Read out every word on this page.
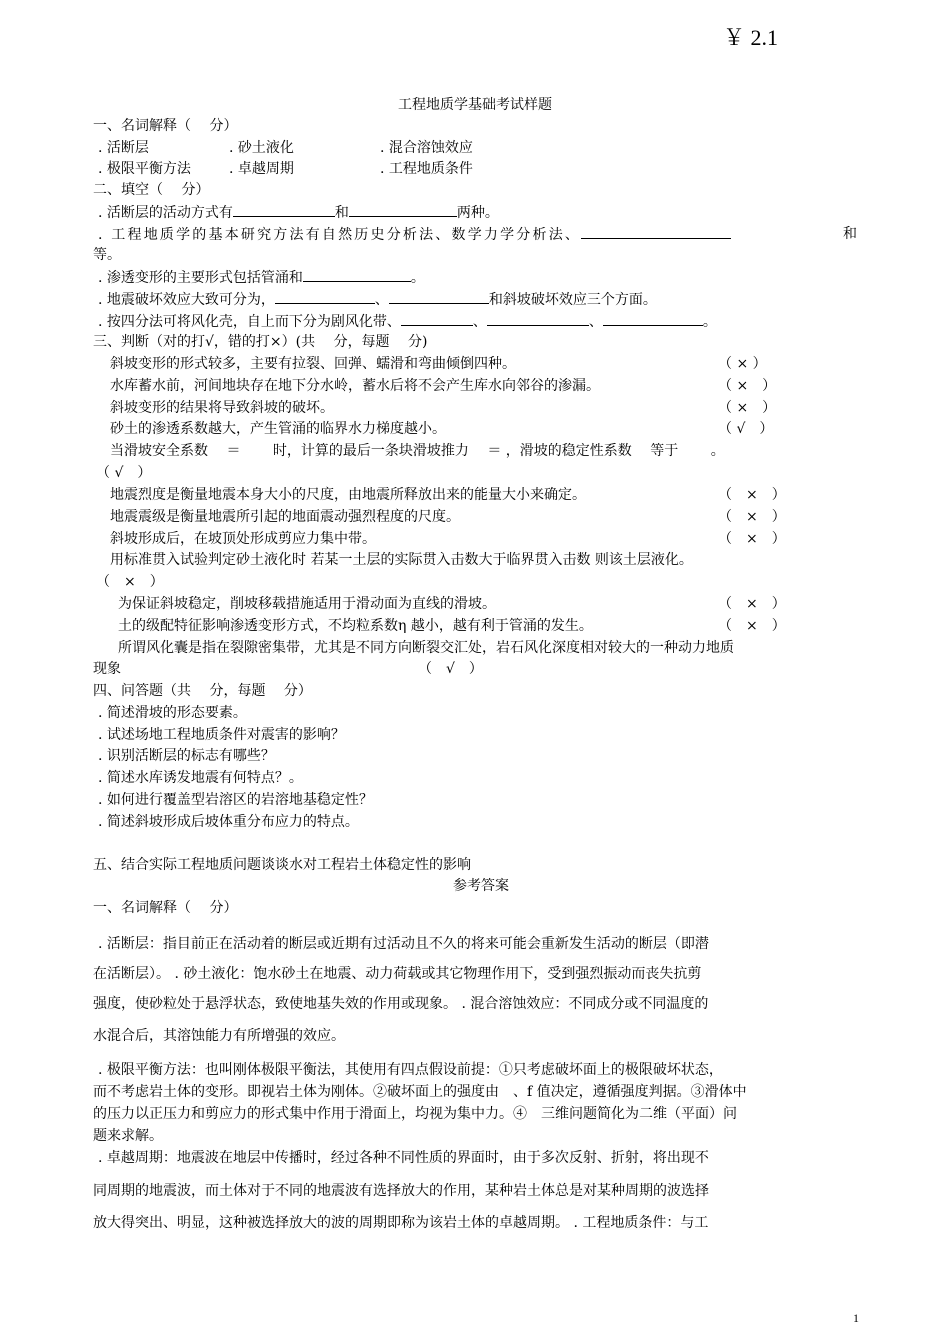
￥ 2.1
工程地质学基础考试样题
一、名词解释（　 分）
. 活断层	. 砂土液化	. 混合溶蚀效应
. 极限平衡方法	. 卓越周期	. 工程地质条件
二、填空（　 分）
. 活断层的活动方式有	和	两种。
. 工程地质学的基本研究方法有自然历史分析法、数学力学分析法、	和
等。
. 渗透变形的主要形式包括管涌和	。
. 地震破坏效应大致可分为，	、	和斜坡破坏效应三个方面。
. 按四分法可将风化壳，自上而下分为剧风化带、	、	、	。
三、判断（对的打√，错的打×）(共　 分，每题　 分)
斜坡变形的形式较多，主要有拉裂、回弹、蠕滑和弯曲倾倒四种。	（ × ）
水库蓄水前，河间地块存在地下分水岭，蓄水后将不会产生库水向邻谷的渗漏。	（ ×　）
斜坡变形的结果将导致斜坡的破坏。	（ ×　）
砂土的渗透系数越大，产生管涌的临界水力梯度越小。	（ √　）
当滑坡安全系数　 ＝　　 时，计算的最后一条块滑坡推力　 ＝ ，滑坡的稳定性系数　 等于　　 。
（ √　）
地震烈度是衡量地震本身大小的尺度，由地震所释放出来的能量大小来确定。	（　×　）
地震震级是衡量地震所引起的地面震动强烈程度的尺度。	（　×　）
斜坡形成后，在坡顶处形成剪应力集中带。	（　×　）
用标准贯入试验判定砂土液化时 若某一土层的实际贯入击数大于临界贯入击数 则该土层液化。
（　×　）
为保证斜坡稳定，削坡移载措施适用于滑动面为直线的滑坡。	（　×　）
土的级配特征影响渗透变形方式，不均粒系数η 越小，越有利于管涌的发生。	（　×　）
所谓风化囊是指在裂隙密集带，尤其是不同方向断裂交汇处，岩石风化深度相对较大的一种动力地质
现象	（　√　）
四、问答题（共　 分，每题　 分）
. 简述滑坡的形态要素。
. 试述场地工程地质条件对震害的影响？
. 识别活断层的标志有哪些？
. 简述水库诱发地震有何特点？。
. 如何进行覆盖型岩溶区的岩溶地基稳定性？
. 简述斜坡形成后坡体重分布应力的特点。
五、结合实际工程地质问题谈谈水对工程岩土体稳定性的影响
参考答案
一、名词解释（　 分）
. 活断层：指目前正在活动着的断层或近期有过活动且不久的将来可能会重新发生活动的断层（即潜
在活断层）。 . 砂土液化：饱水砂土在地震、动力荷载或其它物理作用下，受到强烈振动而丧失抗剪
强度，使砂粒处于悬浮状态，致使地基失效的作用或现象。 . 混合溶蚀效应：不同成分或不同温度的
水混合后，其溶蚀能力有所增强的效应。
. 极限平衡方法：也叫刚体极限平衡法，其使用有四点假设前提：①只考虑破坏面上的极限破坏状态，
而不考虑岩土体的变形。即视岩土体为刚体。②破坏面上的强度由　、f 值决定，遵循强度判据。③滑体中
的压力以正压力和剪应力的形式集中作用于滑面上，均视为集中力。④　三维问题简化为二维（平面）问
题来求解。
. 卓越周期：地震波在地层中传播时，经过各种不同性质的界面时，由于多次反射、折射，将出现不
同周期的地震波，而土体对于不同的地震波有选择放大的作用，某种岩土体总是对某种周期的波选择
放大得突出、明显，这种被选择放大的波的周期即称为该岩土体的卓越周期。 . 工程地质条件：与工
1
